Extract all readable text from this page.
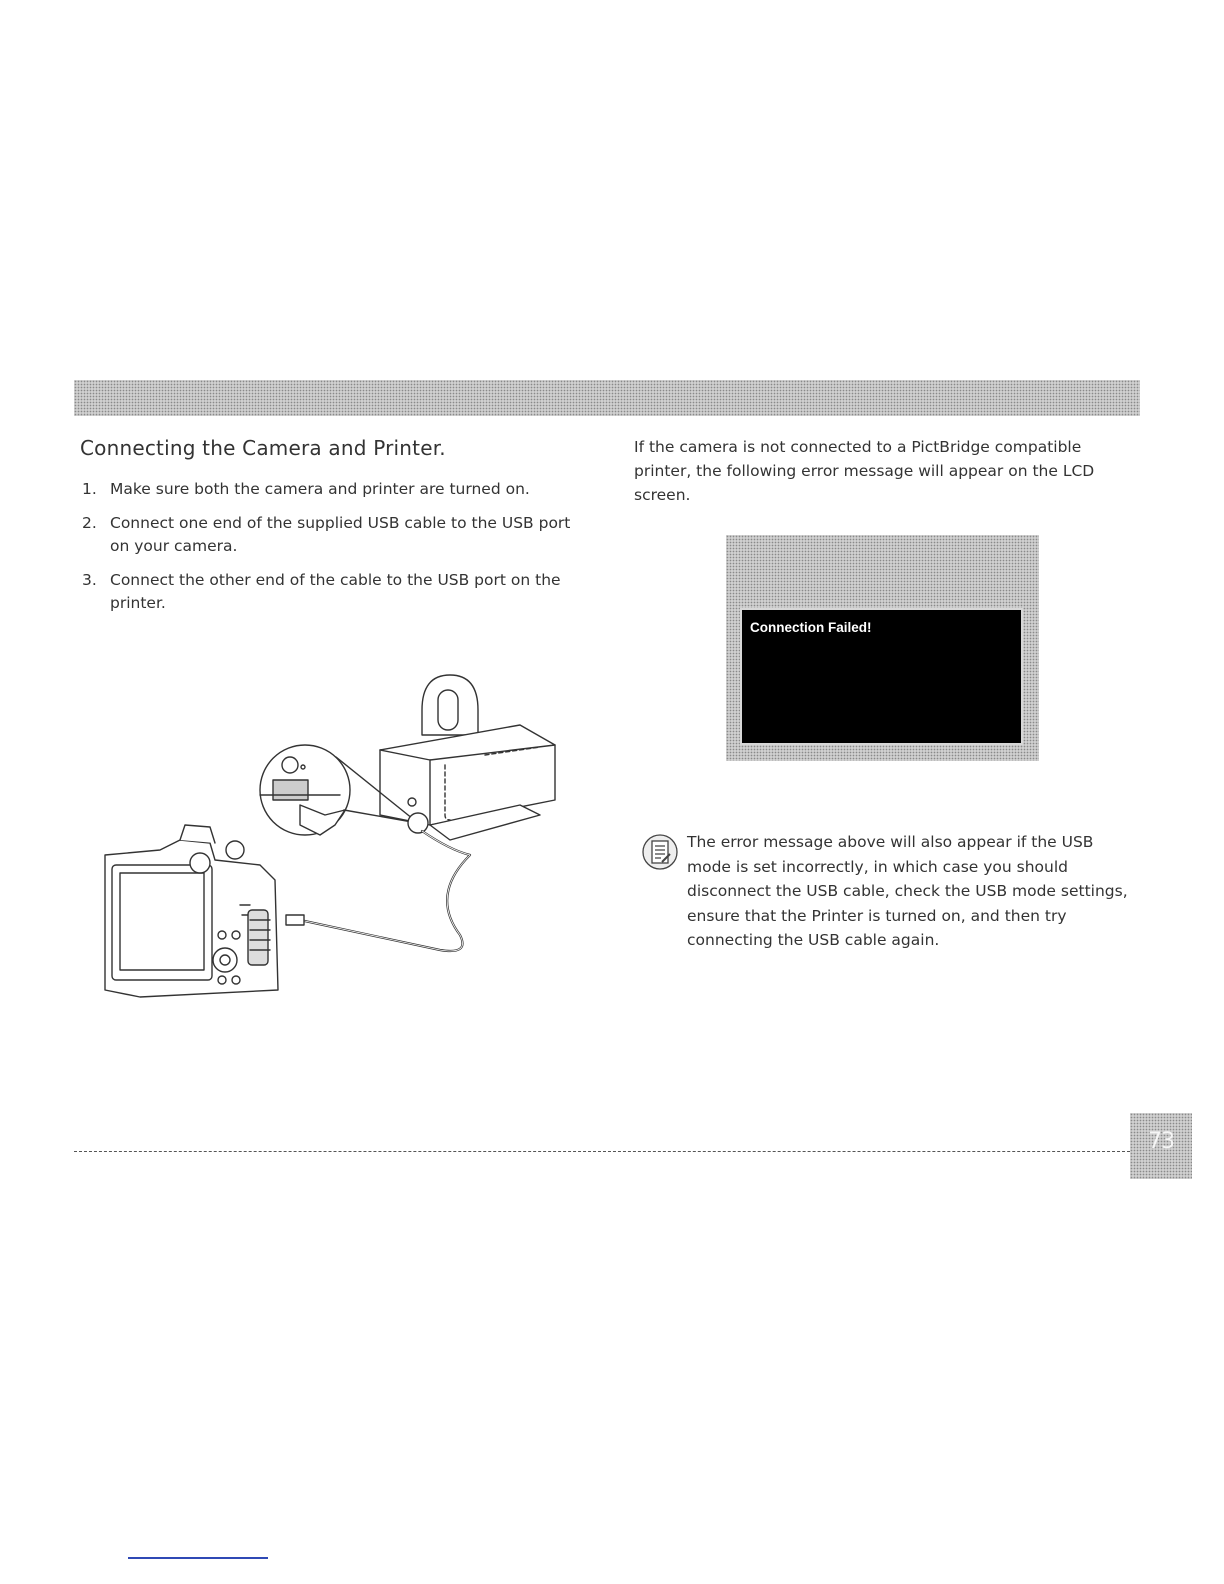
Connecting the Camera and Printer.
1. Make sure both the camera and printer are turned on.
2. Connect one end of the supplied USB cable to the USB port on your camera.
3. Connect the other end of the cable to the USB port on the printer.

If the camera is not connected to a PictBridge compatible printer, the following error message will appear on the LCD screen.

Connection Failed!

The error message above will also appear if the USB mode is set incorrectly, in which case you should disconnect the USB cable, check the USB mode settings, ensure that the Printer is turned on, and then try connecting the USB cable again.

73
